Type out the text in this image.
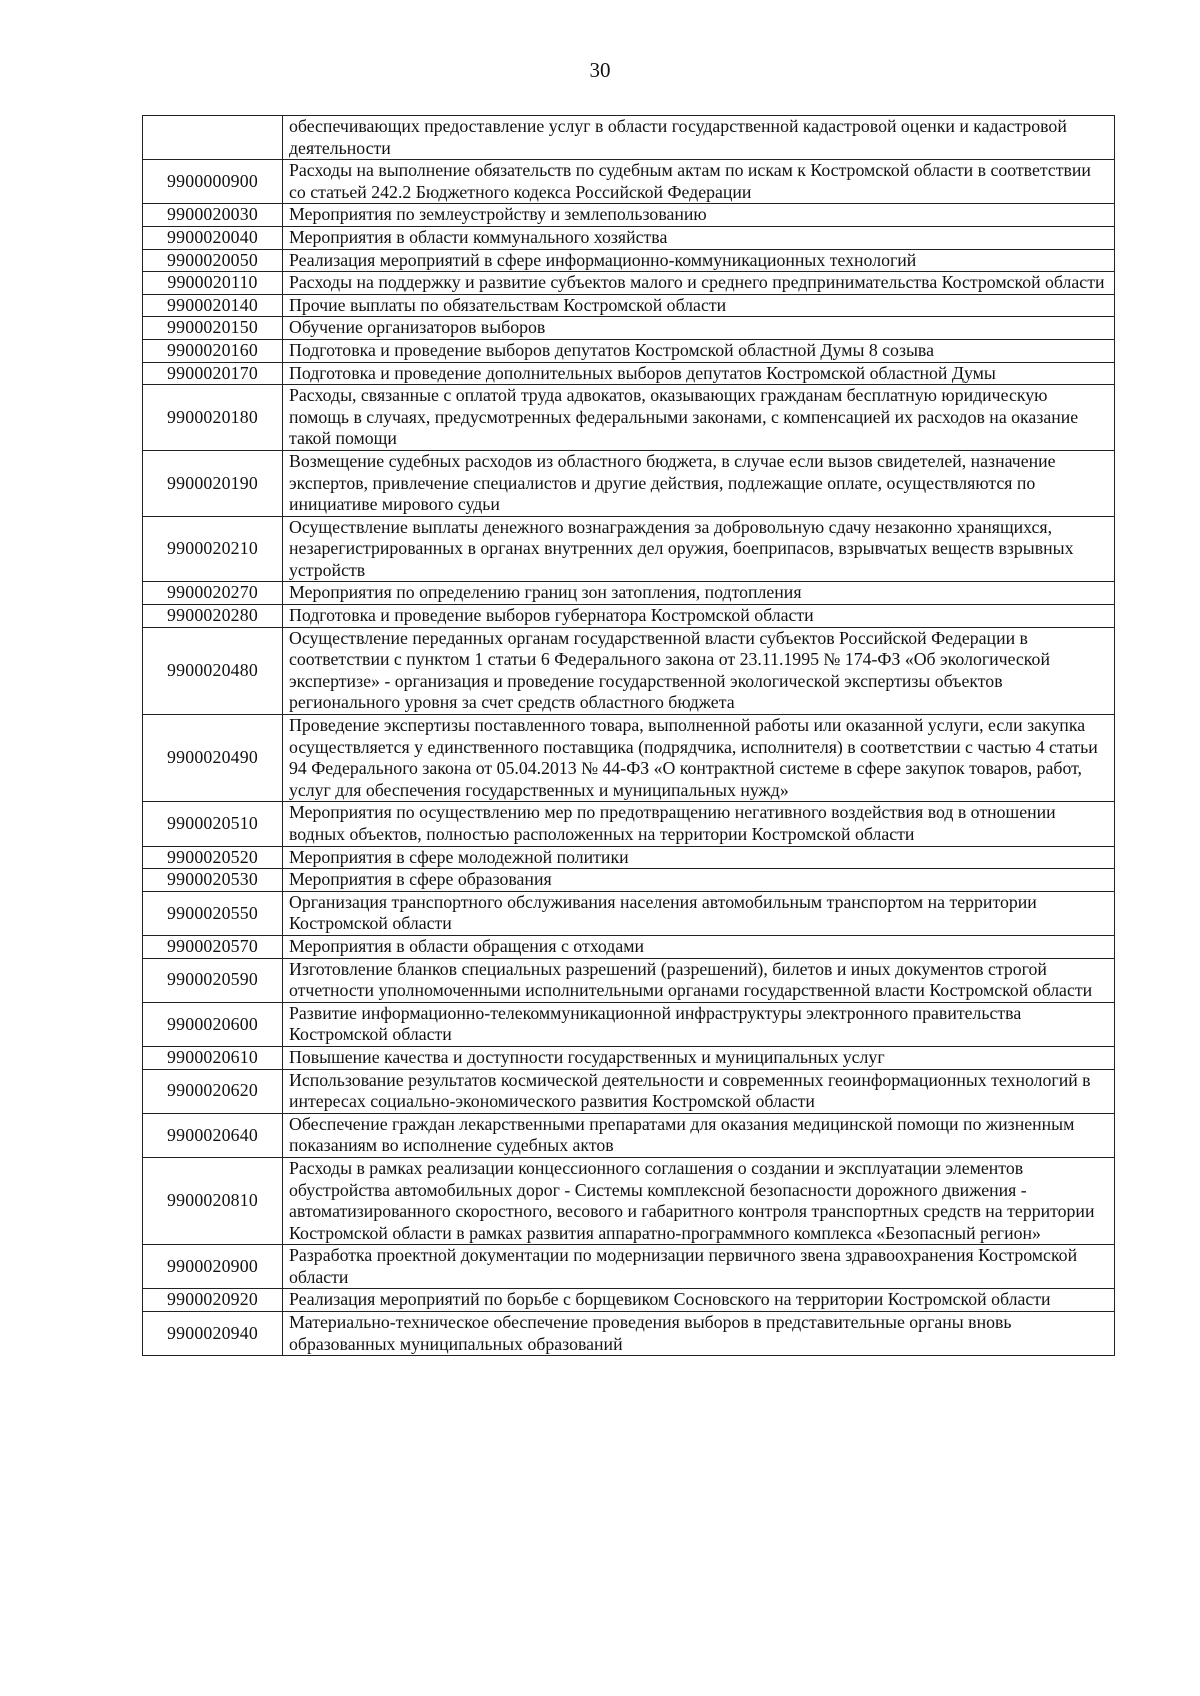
30
	обеспечивающих предоставление услуг в области государственной кадастровой оценки и кадастровой деятельности
9900000900	Расходы на выполнение обязательств по судебным актам по искам к Костромской области в соответствии со статьей 242.2 Бюджетного кодекса Российской Федерации
9900020030	Мероприятия по землеустройству и землепользованию
9900020040	Мероприятия в области коммунального хозяйства
9900020050	Реализация мероприятий в сфере информационно-коммуникационных технологий
9900020110	Расходы на поддержку и развитие субъектов малого и среднего предпринимательства Костромской области
9900020140	Прочие выплаты по обязательствам Костромской области
9900020150	Обучение организаторов выборов
9900020160	Подготовка и проведение выборов депутатов Костромской областной Думы 8 созыва
9900020170	Подготовка и проведение дополнительных выборов депутатов Костромской областной Думы
9900020180	Расходы, связанные с оплатой труда адвокатов, оказывающих гражданам бесплатную юридическую помощь в случаях, предусмотренных федеральными законами, с компенсацией их расходов на оказание такой помощи
9900020190	Возмещение судебных расходов из областного бюджета, в случае если вызов свидетелей, назначение экспертов, привлечение специалистов и другие действия, подлежащие оплате, осуществляются по инициативе мирового судьи
9900020210	Осуществление выплаты денежного вознаграждения за добровольную сдачу незаконно хранящихся, незарегистрированных в органах внутренних дел оружия, боеприпасов, взрывчатых веществ взрывных устройств
9900020270	Мероприятия по определению границ зон затопления, подтопления
9900020280	Подготовка и проведение выборов губернатора Костромской области
9900020480	Осуществление переданных органам государственной власти субъектов Российской Федерации в соответствии с пунктом 1 статьи 6 Федерального закона от 23.11.1995 № 174-ФЗ «Об экологической экспертизе» - организация и проведение государственной экологической экспертизы объектов регионального уровня за счет средств областного бюджета
9900020490	Проведение экспертизы поставленного товара, выполненной работы или оказанной услуги, если закупка осуществляется у единственного поставщика (подрядчика, исполнителя) в соответствии с частью 4 статьи 94 Федерального закона от 05.04.2013 № 44-ФЗ «О контрактной системе в сфере закупок товаров, работ, услуг для обеспечения государственных и муниципальных нужд»
9900020510	Мероприятия по осуществлению мер по предотвращению негативного воздействия вод в отношении водных объектов, полностью расположенных на территории Костромской области
9900020520	Мероприятия в сфере молодежной политики
9900020530	Мероприятия в сфере образования
9900020550	Организация транспортного обслуживания населения автомобильным транспортом на территории Костромской области
9900020570	Мероприятия в области обращения с отходами
9900020590	Изготовление бланков специальных разрешений (разрешений), билетов и иных документов строгой отчетности уполномоченными исполнительными органами государственной власти Костромской области
9900020600	Развитие информационно-телекоммуникационной инфраструктуры электронного правительства Костромской области
9900020610	Повышение качества и доступности государственных и муниципальных услуг
9900020620	Использование результатов космической деятельности и современных геоинформационных технологий в интересах социально-экономического развития Костромской области
9900020640	Обеспечение граждан лекарственными препаратами для оказания медицинской помощи по жизненным показаниям во исполнение судебных актов
9900020810	Расходы в рамках реализации концессионного соглашения о создании и эксплуатации элементов обустройства автомобильных дорог - Системы комплексной безопасности дорожного движения - автоматизированного скоростного, весового и габаритного контроля транспортных средств на территории Костромской области в рамках развития аппаратно-программного комплекса «Безопасный регион»
9900020900	Разработка проектной документации по модернизации первичного звена здравоохранения Костромской области
9900020920	Реализация мероприятий по борьбе с борщевиком Сосновского на территории Костромской области
9900020940	Материально-техническое обеспечение проведения выборов в представительные органы вновь образованных муниципальных образований
